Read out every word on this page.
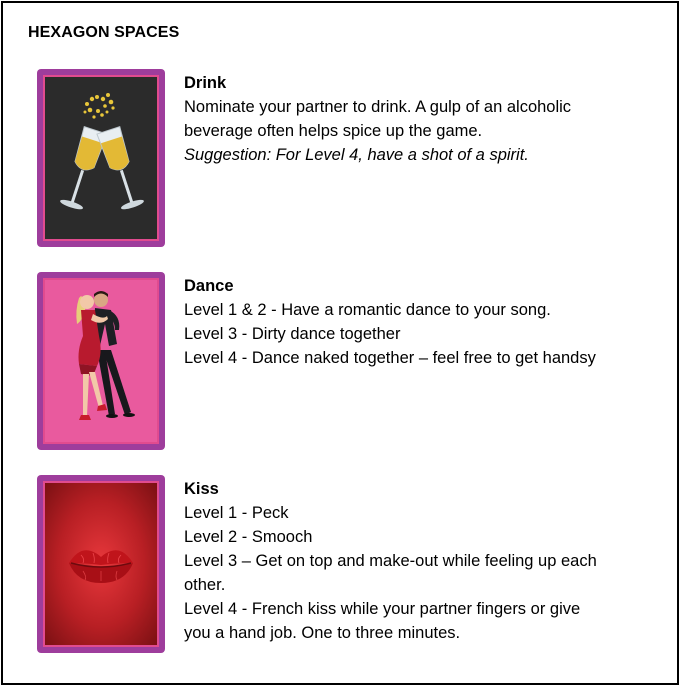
HEXAGON SPACES
Drink
Nominate your partner to drink. A gulp of an alcoholic
beverage often helps spice up the game.
Suggestion: For Level 4, have a shot of a spirit.
Dance
Level 1 & 2 - Have a romantic dance to your song.
Level 3 - Dirty dance together
Level 4 - Dance naked together – feel free to get handsy
Kiss
Level 1 - Peck
Level 2 - Smooch
Level 3 – Get on top and make-out while feeling up each
other.
Level 4 - French kiss while your partner fingers or give
you a hand job. One to three minutes.
